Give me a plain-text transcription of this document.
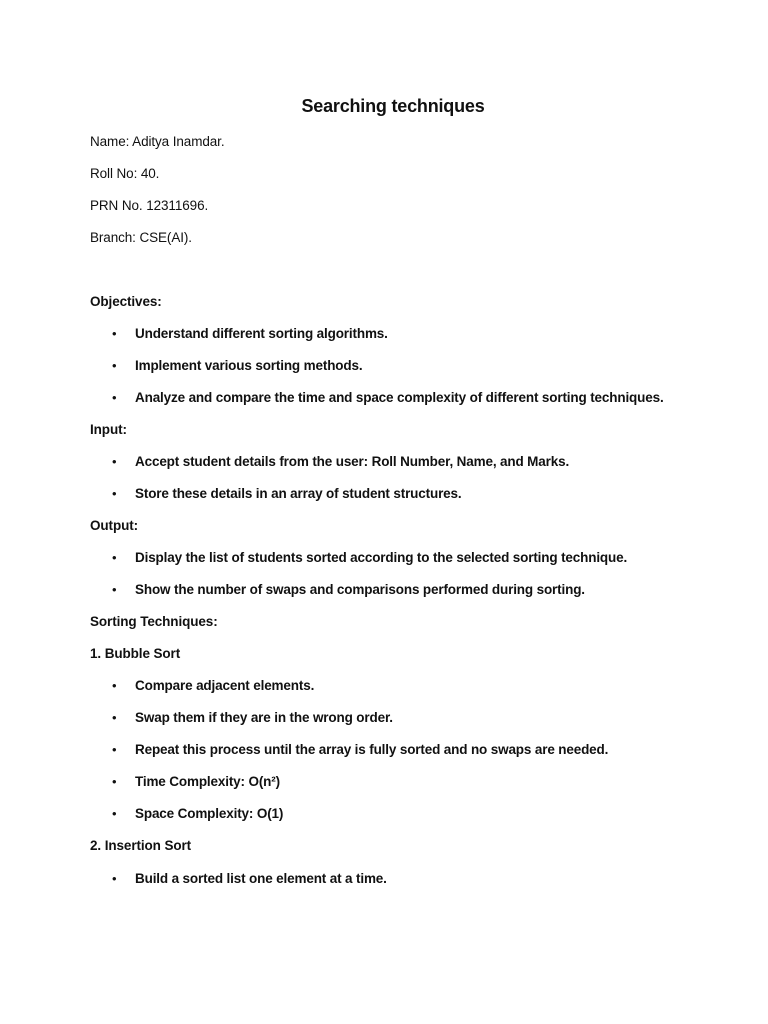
Searching techniques
Name: Aditya Inamdar.
Roll No: 40.
PRN No. 12311696.
Branch: CSE(AI).
Objectives:
• Understand different sorting algorithms.
• Implement various sorting methods.
• Analyze and compare the time and space complexity of different sorting techniques.
Input:
• Accept student details from the user: Roll Number, Name, and Marks.
• Store these details in an array of student structures.
Output:
• Display the list of students sorted according to the selected sorting technique.
• Show the number of swaps and comparisons performed during sorting.
Sorting Techniques:
1. Bubble Sort
• Compare adjacent elements.
• Swap them if they are in the wrong order.
• Repeat this process until the array is fully sorted and no swaps are needed.
• Time Complexity: O(n²)
• Space Complexity: O(1)
2. Insertion Sort
• Build a sorted list one element at a time.
